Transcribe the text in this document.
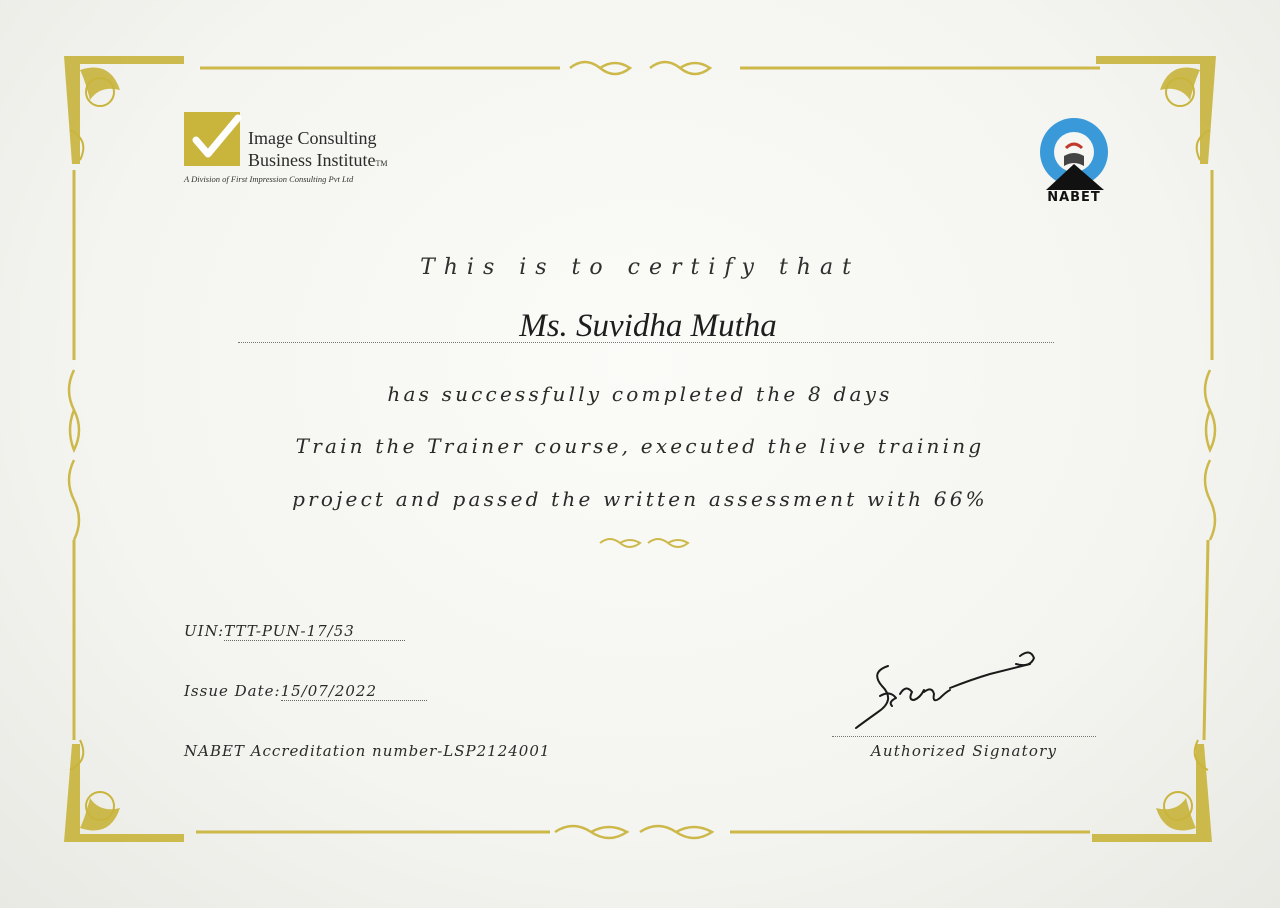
Image Consulting
Business InstituteTM
A Division of First Impression Consulting Pvt Ltd
NABET
This is to certify that
Ms. Suvidha Mutha
has successfully completed the 8 days
Train the Trainer course, executed the live training
project and passed the written assessment with 66%
UIN:TTT-PUN-17/53
Issue Date:15/07/2022
NABET Accreditation number-LSP2124001	Authorized Signatory
